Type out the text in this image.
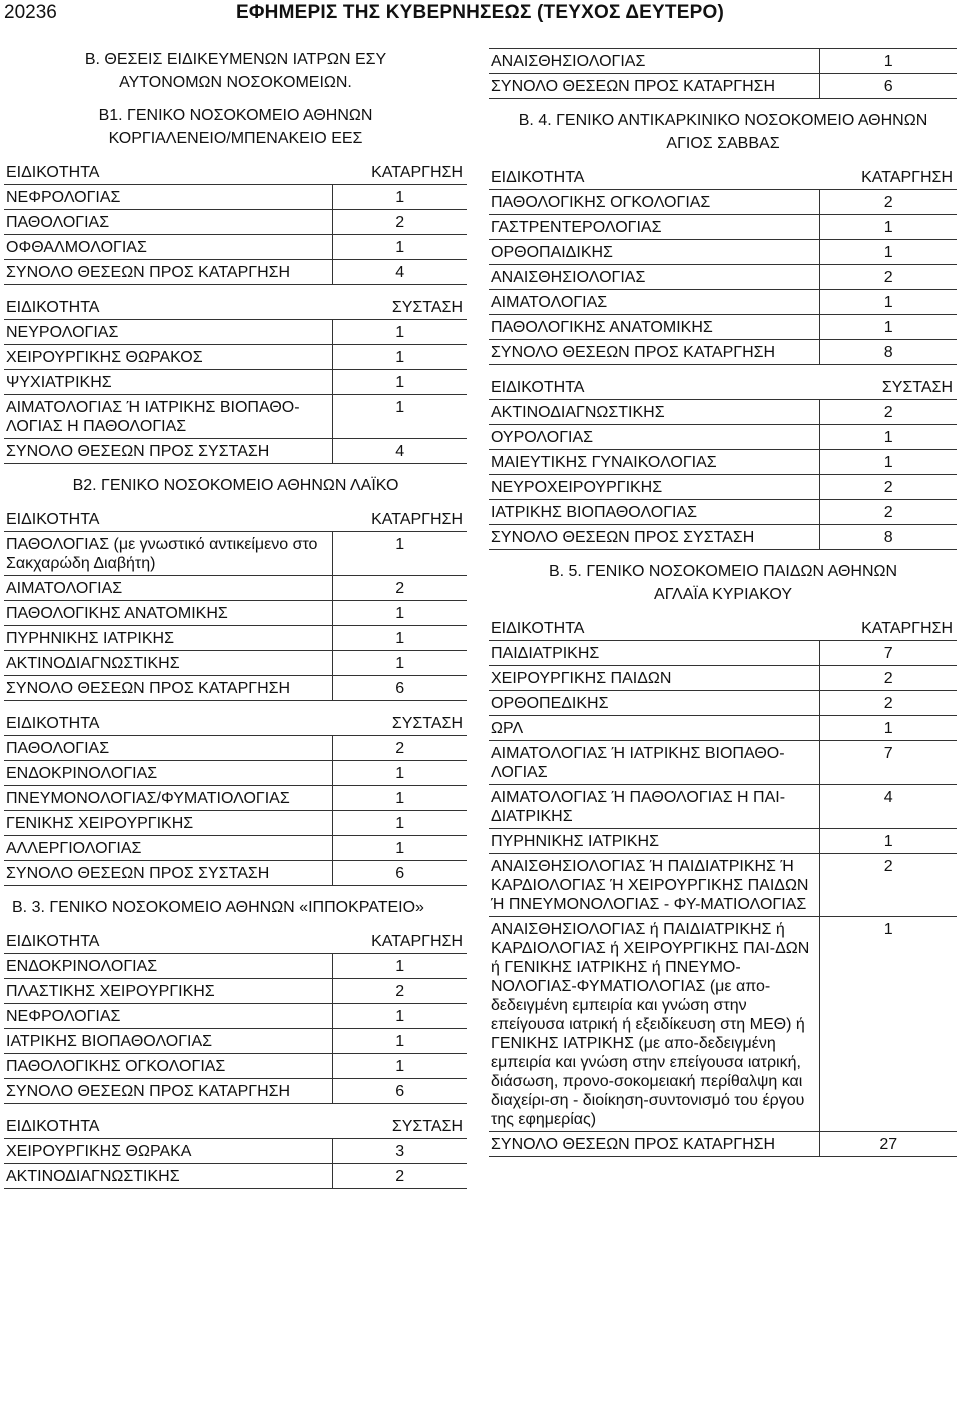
20236	ΕΦΗΜΕΡΙΣ ΤΗΣ ΚΥΒΕΡΝΗΣΕΩΣ (ΤΕΥΧΟΣ ΔΕΥΤΕΡΟ)
Β. ΘΕΣΕΙΣ ΕΙΔΙΚΕΥΜΕΝΩΝ ΙΑΤΡΩΝ ΕΣΥ
ΑΥΤΟΝΟΜΩΝ ΝΟΣΟΚΟΜΕΙΩΝ.
Β1. ΓΕΝΙΚΟ ΝΟΣΟΚΟΜΕΙΟ ΑΘΗΝΩΝ
ΚΟΡΓΙΑΛΕΝΕΙΟ/ΜΠΕΝΑΚΕΙΟ ΕΕΣ
ΕΙΔΙΚΟΤΗΤΑ	ΚΑΤΑΡΓΗΣΗ
ΝΕΦΡΟΛΟΓΙΑΣ	1
ΠΑΘΟΛΟΓΙΑΣ	2
ΟΦΘΑΛΜΟΛΟΓΙΑΣ	1
ΣΥΝΟΛΟ ΘΕΣΕΩΝ ΠΡΟΣ ΚΑΤΑΡΓΗΣΗ	4
ΕΙΔΙΚΟΤΗΤΑ	ΣΥΣΤΑΣΗ
ΝΕΥΡΟΛΟΓΙΑΣ	1
ΧΕΙΡΟΥΡΓΙΚΗΣ ΘΩΡΑΚΟΣ	1
ΨΥΧΙΑΤΡΙΚΗΣ	1
ΑΙΜΑΤΟΛΟΓΙΑΣ Ή ΙΑΤΡΙΚΗΣ ΒΙΟΠΑΘΟ-ΛΟΓΙΑΣ Η ΠΑΘΟΛΟΓΙΑΣ	1
ΣΥΝΟΛΟ ΘΕΣΕΩΝ ΠΡΟΣ ΣΥΣΤΑΣΗ	4
Β2. ΓΕΝΙΚΟ ΝΟΣΟΚΟΜΕΙΟ ΑΘΗΝΩΝ ΛΑΪΚΟ
ΕΙΔΙΚΟΤΗΤΑ	ΚΑΤΑΡΓΗΣΗ
ΠΑΘΟΛΟΓΙΑΣ (με γνωστικό αντικείμενο στο Σακχαρώδη Διαβήτη)	1
ΑΙΜΑΤΟΛΟΓΙΑΣ	2
ΠΑΘΟΛΟΓΙΚΗΣ ΑΝΑΤΟΜΙΚΗΣ	1
ΠΥΡΗΝΙΚΗΣ ΙΑΤΡΙΚΗΣ	1
ΑΚΤΙΝΟΔΙΑΓΝΩΣΤΙΚΗΣ	1
ΣΥΝΟΛΟ ΘΕΣΕΩΝ ΠΡΟΣ ΚΑΤΑΡΓΗΣΗ	6
ΕΙΔΙΚΟΤΗΤΑ	ΣΥΣΤΑΣΗ
ΠΑΘΟΛΟΓΙΑΣ	2
ΕΝΔΟΚΡΙΝΟΛΟΓΙΑΣ	1
ΠΝΕΥΜΟΝΟΛΟΓΙΑΣ/ΦΥΜΑΤΙΟΛΟΓΙΑΣ	1
ΓΕΝΙΚΗΣ ΧΕΙΡΟΥΡΓΙΚΗΣ	1
ΑΛΛΕΡΓΙΟΛΟΓΙΑΣ	1
ΣΥΝΟΛΟ ΘΕΣΕΩΝ ΠΡΟΣ ΣΥΣΤΑΣΗ	6
Β. 3. ΓΕΝΙΚΟ ΝΟΣΟΚΟΜΕΙΟ ΑΘΗΝΩΝ «ΙΠΠΟΚΡΑΤΕΙΟ»
ΕΙΔΙΚΟΤΗΤΑ	ΚΑΤΑΡΓΗΣΗ
ΕΝΔΟΚΡΙΝΟΛΟΓΙΑΣ	1
ΠΛΑΣΤΙΚΗΣ ΧΕΙΡΟΥΡΓΙΚΗΣ	2
ΝΕΦΡΟΛΟΓΙΑΣ	1
ΙΑΤΡΙΚΗΣ ΒΙΟΠΑΘΟΛΟΓΙΑΣ	1
ΠΑΘΟΛΟΓΙΚΗΣ ΟΓΚΟΛΟΓΙΑΣ	1
ΣΥΝΟΛΟ ΘΕΣΕΩΝ ΠΡΟΣ ΚΑΤΑΡΓΗΣΗ	6
ΕΙΔΙΚΟΤΗΤΑ	ΣΥΣΤΑΣΗ
ΧΕΙΡΟΥΡΓΙΚΗΣ ΘΩΡΑΚΑ	3
ΑΚΤΙΝΟΔΙΑΓΝΩΣΤΙΚΗΣ	2
ΑΝΑΙΣΘΗΣΙΟΛΟΓΙΑΣ	1
ΣΥΝΟΛΟ ΘΕΣΕΩΝ ΠΡΟΣ ΚΑΤΑΡΓΗΣΗ	6
Β. 4. ΓΕΝΙΚΟ ΑΝΤΙΚΑΡΚΙΝΙΚΟ ΝΟΣΟΚΟΜΕΙΟ ΑΘΗΝΩΝ
ΑΓΙΟΣ ΣΑΒΒΑΣ
ΕΙΔΙΚΟΤΗΤΑ	ΚΑΤΑΡΓΗΣΗ
ΠΑΘΟΛΟΓΙΚΗΣ ΟΓΚΟΛΟΓΙΑΣ	2
ΓΑΣΤΡΕΝΤΕΡΟΛΟΓΙΑΣ	1
ΟΡΘΟΠΑΙΔΙΚΗΣ	1
ΑΝΑΙΣΘΗΣΙΟΛΟΓΙΑΣ	2
ΑΙΜΑΤΟΛΟΓΙΑΣ	1
ΠΑΘΟΛΟΓΙΚΗΣ ΑΝΑΤΟΜΙΚΗΣ	1
ΣΥΝΟΛΟ ΘΕΣΕΩΝ ΠΡΟΣ ΚΑΤΑΡΓΗΣΗ	8
ΕΙΔΙΚΟΤΗΤΑ	ΣΥΣΤΑΣΗ
ΑΚΤΙΝΟΔΙΑΓΝΩΣΤΙΚΗΣ	2
ΟΥΡΟΛΟΓΙΑΣ	1
ΜΑΙΕΥΤΙΚΗΣ ΓΥΝΑΙΚΟΛΟΓΙΑΣ	1
ΝΕΥΡΟΧΕΙΡΟΥΡΓΙΚΗΣ	2
ΙΑΤΡΙΚΗΣ ΒΙΟΠΑΘΟΛΟΓΙΑΣ	2
ΣΥΝΟΛΟ ΘΕΣΕΩΝ ΠΡΟΣ ΣΥΣΤΑΣΗ	8
Β. 5. ΓΕΝΙΚΟ ΝΟΣΟΚΟΜΕΙΟ ΠΑΙΔΩΝ ΑΘΗΝΩΝ
ΑΓΛΑΪΑ ΚΥΡΙΑΚΟΥ
ΕΙΔΙΚΟΤΗΤΑ	ΚΑΤΑΡΓΗΣΗ
ΠΑΙΔΙΑΤΡΙΚΗΣ	7
ΧΕΙΡΟΥΡΓΙΚΗΣ ΠΑΙΔΩΝ	2
ΟΡΘΟΠΕΔΙΚΗΣ	2
ΩΡΛ	1
ΑΙΜΑΤΟΛΟΓΙΑΣ Ή ΙΑΤΡΙΚΗΣ ΒΙΟΠΑΘΟ-ΛΟΓΙΑΣ	7
ΑΙΜΑΤΟΛΟΓΙΑΣ Ή ΠΑΘΟΛΟΓΙΑΣ Η ΠΑΙ-ΔΙΑΤΡΙΚΗΣ	4
ΠΥΡΗΝΙΚΗΣ ΙΑΤΡΙΚΗΣ	1
ΑΝΑΙΣΘΗΣΙΟΛΟΓΙΑΣ Ή ΠΑΙΔΙΑΤΡΙΚΗΣ Ή ΚΑΡΔΙΟΛΟΓΙΑΣ Ή ΧΕΙΡΟΥΡΓΙΚΗΣ ΠΑΙΔΩΝ Ή ΠΝΕΥΜΟΝΟΛΟΓΙΑΣ - ΦΥ-ΜΑΤΙΟΛΟΓΙΑΣ	2
ΑΝΑΙΣΘΗΣΙΟΛΟΓΙΑΣ ή ΠΑΙΔΙΑΤΡΙΚΗΣ ή ΚΑΡΔΙΟΛΟΓΙΑΣ ή ΧΕΙΡΟΥΡΓΙΚΗΣ ΠΑΙ-ΔΩΝ ή ΓΕΝΙΚΗΣ ΙΑΤΡΙΚΗΣ ή ΠΝΕΥΜΟ-ΝΟΛΟΓΙΑΣ-ΦΥΜΑΤΙΟΛΟΓΙΑΣ (με απο-δεδειγμένη εμπειρία και γνώση στην επείγουσα ιατρική ή εξειδίκευση στη ΜΕΘ) ή ΓΕΝΙΚΗΣ ΙΑΤΡΙΚΗΣ (με απο-δεδειγμένη εμπειρία και γνώση στην επείγουσα ιατρική, διάσωση, προνο-σοκομειακή περίθαλψη και διαχείρι-ση - διοίκηση-συντονισμό του έργου της εφημερίας)	1
ΣΥΝΟΛΟ ΘΕΣΕΩΝ ΠΡΟΣ ΚΑΤΑΡΓΗΣΗ	27
